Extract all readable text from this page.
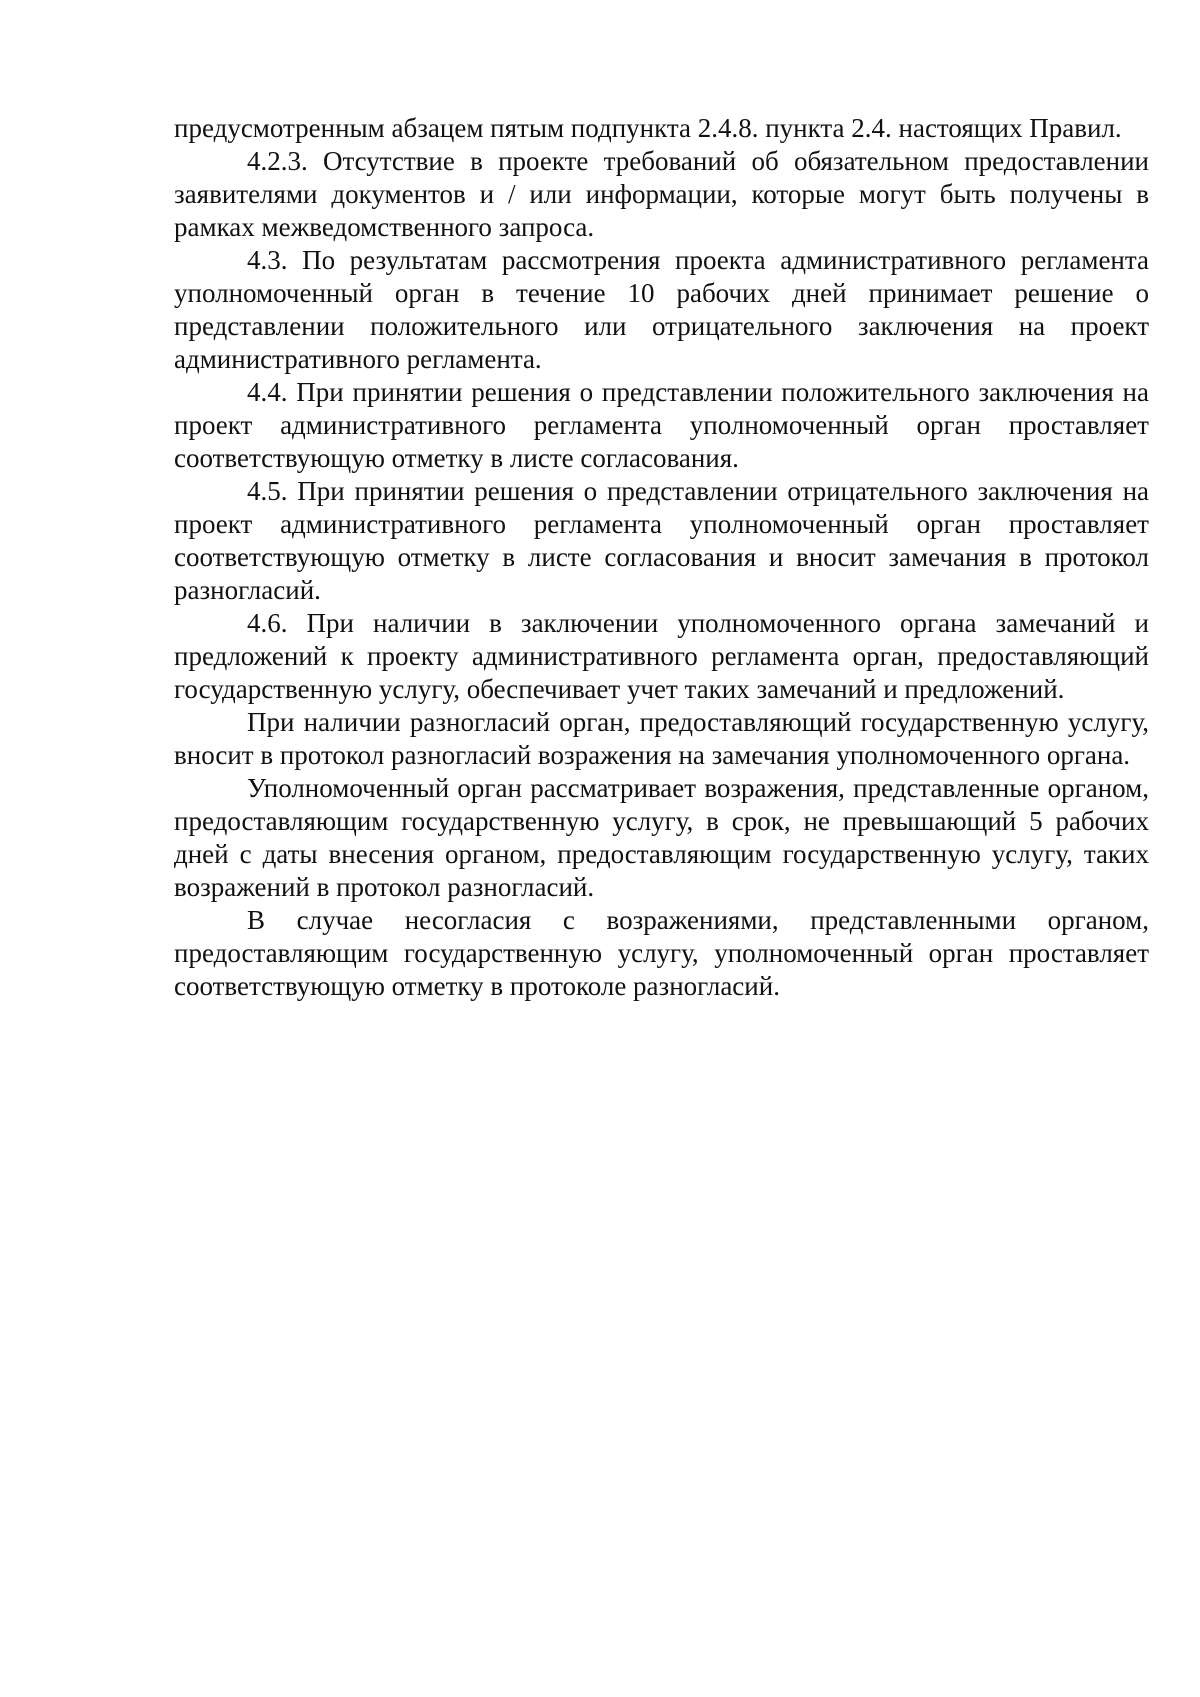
предусмотренным абзацем пятым подпункта 2.4.8. пункта 2.4. настоящих Правил.

4.2.3. Отсутствие в проекте требований об обязательном предоставлении заявителями документов и / или информации, которые могут быть получены в рамках межведомственного запроса.

4.3. По результатам рассмотрения проекта административного регламента уполномоченный орган в течение 10 рабочих дней принимает решение о представлении положительного или отрицательного заключения на проект административного регламента.

4.4. При принятии решения о представлении положительного заключения на проект административного регламента уполномоченный орган проставляет соответствующую отметку в листе согласования.

4.5. При принятии решения о представлении отрицательного заключения на проект административного регламента уполномоченный орган проставляет соответствующую отметку в листе согласования и вносит замечания в протокол разногласий.

4.6. При наличии в заключении уполномоченного органа замечаний и предложений к проекту административного регламента орган, предоставляющий государственную услугу, обеспечивает учет таких замечаний и предложений.

При наличии разногласий орган, предоставляющий государственную услугу, вносит в протокол разногласий возражения на замечания уполномоченного органа.

Уполномоченный орган рассматривает возражения, представленные органом, предоставляющим государственную услугу, в срок, не превышающий 5 рабочих дней с даты внесения органом, предоставляющим государственную услугу, таких возражений в протокол разногласий.

В случае несогласия с возражениями, представленными органом, предоставляющим государственную услугу, уполномоченный орган проставляет соответствующую отметку в протоколе разногласий.
